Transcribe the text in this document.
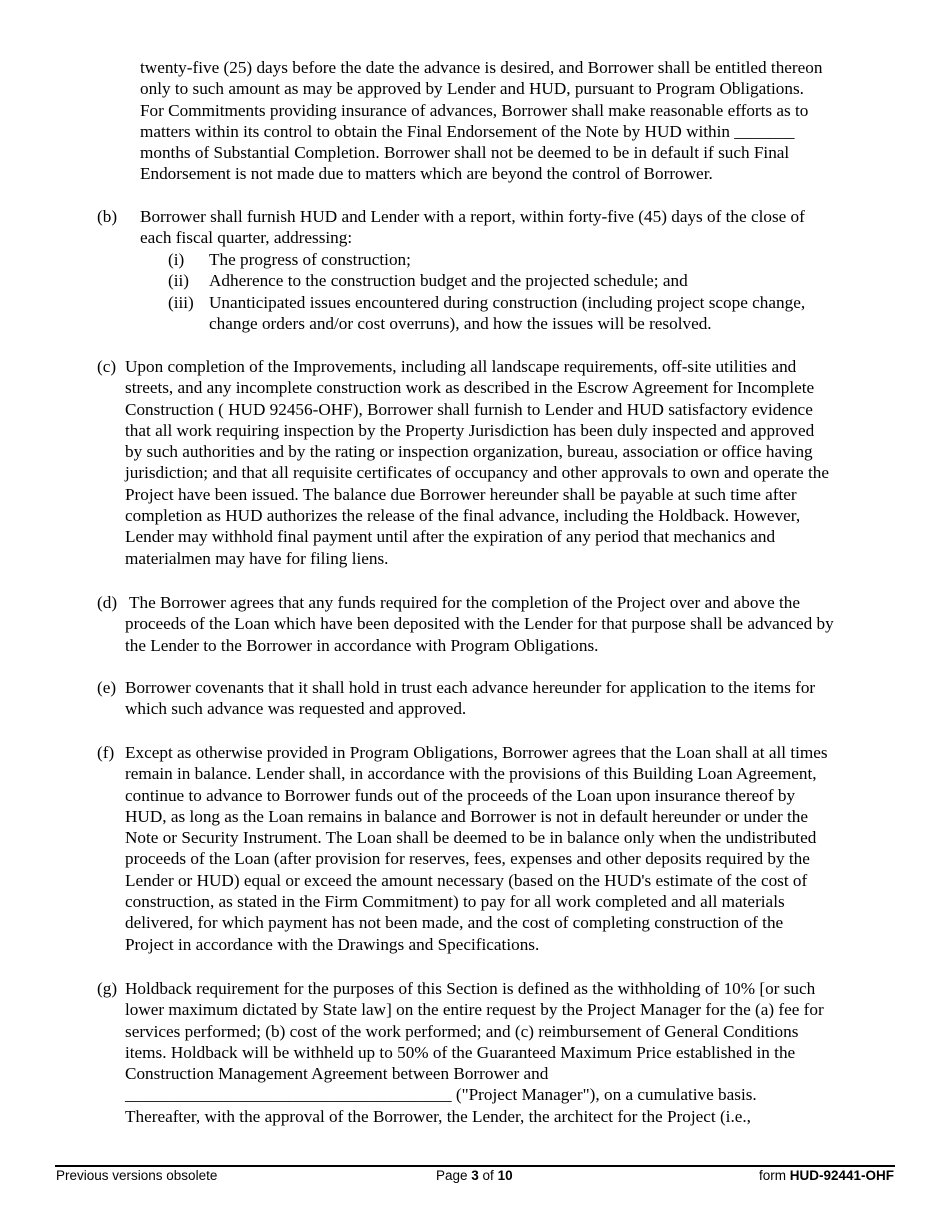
twenty-five (25) days before the date the advance is desired, and Borrower shall be entitled thereon
only to such amount as may be approved by Lender and HUD, pursuant to Program Obligations.
For Commitments providing insurance of advances, Borrower shall make reasonable efforts as to
matters within its control to obtain the Final Endorsement of the Note by HUD within _______
months of Substantial Completion. Borrower shall not be deemed to be in default if such Final
Endorsement is not made due to matters which are beyond the control of Borrower.
(b) Borrower shall furnish HUD and Lender with a report, within forty-five (45) days of the close of
each fiscal quarter, addressing:
(i) The progress of construction;
(ii) Adherence to the construction budget and the projected schedule; and
(iii) Unanticipated issues encountered during construction (including project scope change,
change orders and/or cost overruns), and how the issues will be resolved.
(c) Upon completion of the Improvements, including all landscape requirements, off-site utilities and
streets, and any incomplete construction work as described in the Escrow Agreement for Incomplete
Construction ( HUD 92456-OHF), Borrower shall furnish to Lender and HUD satisfactory evidence
that all work requiring inspection by the Property Jurisdiction has been duly inspected and approved
by such authorities and by the rating or inspection organization, bureau, association or office having
jurisdiction; and that all requisite certificates of occupancy and other approvals to own and operate the
Project have been issued. The balance due Borrower hereunder shall be payable at such time after
completion as HUD authorizes the release of the final advance, including the Holdback. However,
Lender may withhold final payment until after the expiration of any period that mechanics and
materialmen may have for filing liens.
(d) The Borrower agrees that any funds required for the completion of the Project over and above the
proceeds of the Loan which have been deposited with the Lender for that purpose shall be advanced by
the Lender to the Borrower in accordance with Program Obligations.
(e) Borrower covenants that it shall hold in trust each advance hereunder for application to the items for
which such advance was requested and approved.
(f) Except as otherwise provided in Program Obligations, Borrower agrees that the Loan shall at all times
remain in balance. Lender shall, in accordance with the provisions of this Building Loan Agreement,
continue to advance to Borrower funds out of the proceeds of the Loan upon insurance thereof by
HUD, as long as the Loan remains in balance and Borrower is not in default hereunder or under the
Note or Security Instrument. The Loan shall be deemed to be in balance only when the undistributed
proceeds of the Loan (after provision for reserves, fees, expenses and other deposits required by the
Lender or HUD) equal or exceed the amount necessary (based on the HUD's estimate of the cost of
construction, as stated in the Firm Commitment) to pay for all work completed and all materials
delivered, for which payment has not been made, and the cost of completing construction of the
Project in accordance with the Drawings and Specifications.
(g) Holdback requirement for the purposes of this Section is defined as the withholding of 10% [or such
lower maximum dictated by State law] on the entire request by the Project Manager for the (a) fee for
services performed; (b) cost of the work performed; and (c) reimbursement of General Conditions
items. Holdback will be withheld up to 50% of the Guaranteed Maximum Price established in the
Construction Management Agreement between Borrower and
______________________________________ ("Project Manager"), on a cumulative basis.
Thereafter, with the approval of the Borrower, the Lender, the architect for the Project (i.e.,
Previous versions obsolete	Page 3 of 10	form HUD-92441-OHF
